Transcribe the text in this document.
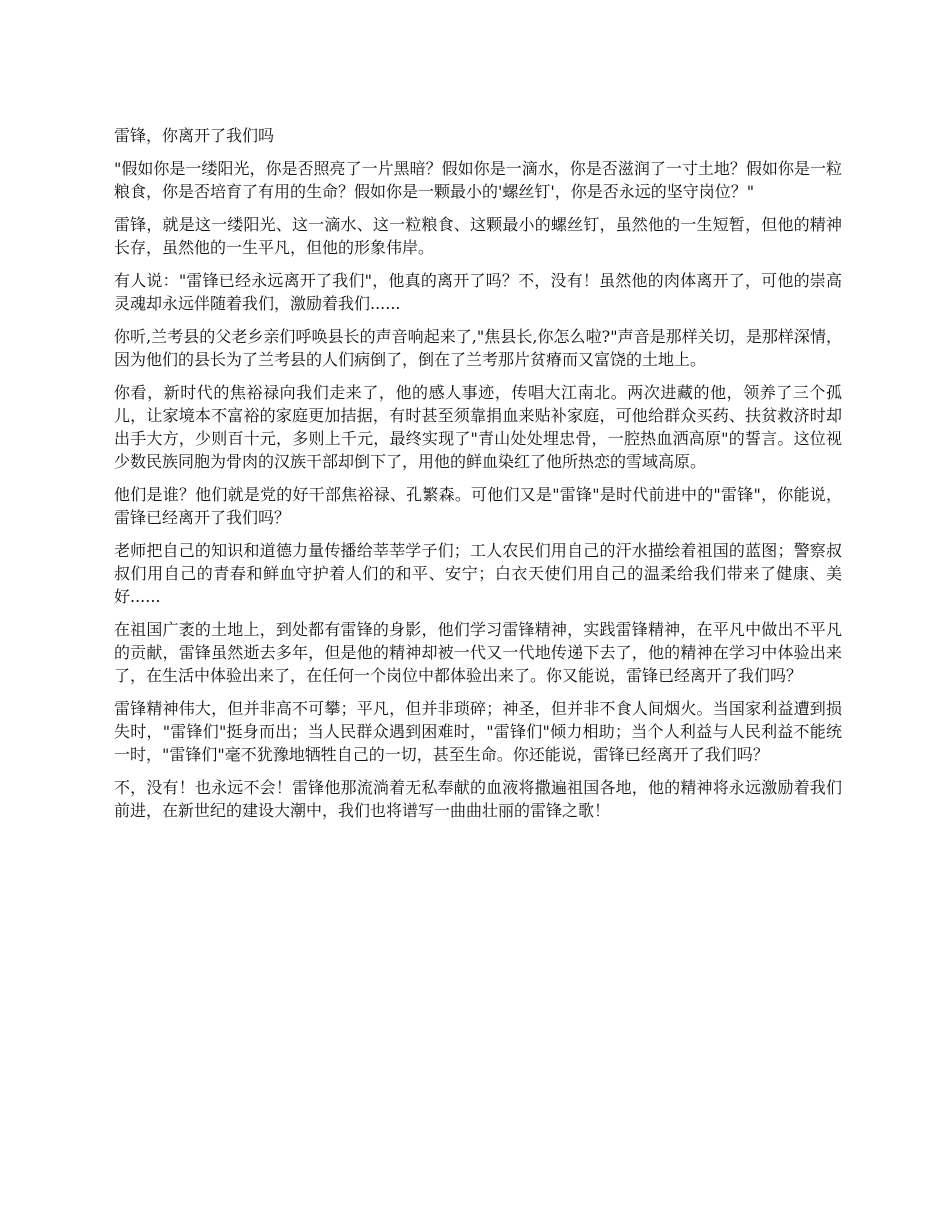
雷锋，你离开了我们吗

"假如你是一缕阳光，你是否照亮了一片黑暗？假如你是一滴水，你是否滋润了一寸土地？假如你是一粒粮食，你是否培育了有用的生命？假如你是一颗最小的'螺丝钉'，你是否永远的坚守岗位？"

雷锋，就是这一缕阳光、这一滴水、这一粒粮食、这颗最小的螺丝钉，虽然他的一生短暂，但他的精神长存，虽然他的一生平凡，但他的形象伟岸。

有人说："雷锋已经永远离开了我们"，他真的离开了吗？不，没有！虽然他的肉体离开了，可他的崇高灵魂却永远伴随着我们，激励着我们......

你听,兰考县的父老乡亲们呼唤县长的声音响起来了,"焦县长,你怎么啦?"声音是那样关切，是那样深情，因为他们的县长为了兰考县的人们病倒了，倒在了兰考那片贫瘠而又富饶的土地上。

你看，新时代的焦裕禄向我们走来了，他的感人事迹，传唱大江南北。两次进藏的他，领养了三个孤儿，让家境本不富裕的家庭更加拮据，有时甚至须靠捐血来贴补家庭，可他给群众买药、扶贫救济时却出手大方，少则百十元，多则上千元，最终实现了"青山处处埋忠骨，一腔热血洒高原"的誓言。这位视少数民族同胞为骨肉的汉族干部却倒下了，用他的鲜血染红了他所热恋的雪域高原。

他们是谁？他们就是党的好干部焦裕禄、孔繁森。可他们又是"雷锋"是时代前进中的"雷锋"，你能说，雷锋已经离开了我们吗？

老师把自己的知识和道德力量传播给莘莘学子们；工人农民们用自己的汗水描绘着祖国的蓝图；警察叔叔们用自己的青春和鲜血守护着人们的和平、安宁；白衣天使们用自己的温柔给我们带来了健康、美好......

在祖国广袤的土地上，到处都有雷锋的身影，他们学习雷锋精神，实践雷锋精神，在平凡中做出不平凡的贡献，雷锋虽然逝去多年，但是他的精神却被一代又一代地传递下去了，他的精神在学习中体验出来了，在生活中体验出来了，在任何一个岗位中都体验出来了。你又能说，雷锋已经离开了我们吗？

雷锋精神伟大，但并非高不可攀；平凡，但并非琐碎；神圣，但并非不食人间烟火。当国家利益遭到损失时，"雷锋们"挺身而出；当人民群众遇到困难时，"雷锋们"倾力相助；当个人利益与人民利益不能统一时，"雷锋们"毫不犹豫地牺牲自己的一切，甚至生命。你还能说，雷锋已经离开了我们吗？

不，没有！也永远不会！雷锋他那流淌着无私奉献的血液将撒遍祖国各地，他的精神将永远激励着我们前进，在新世纪的建设大潮中，我们也将谱写一曲曲壮丽的雷锋之歌！
